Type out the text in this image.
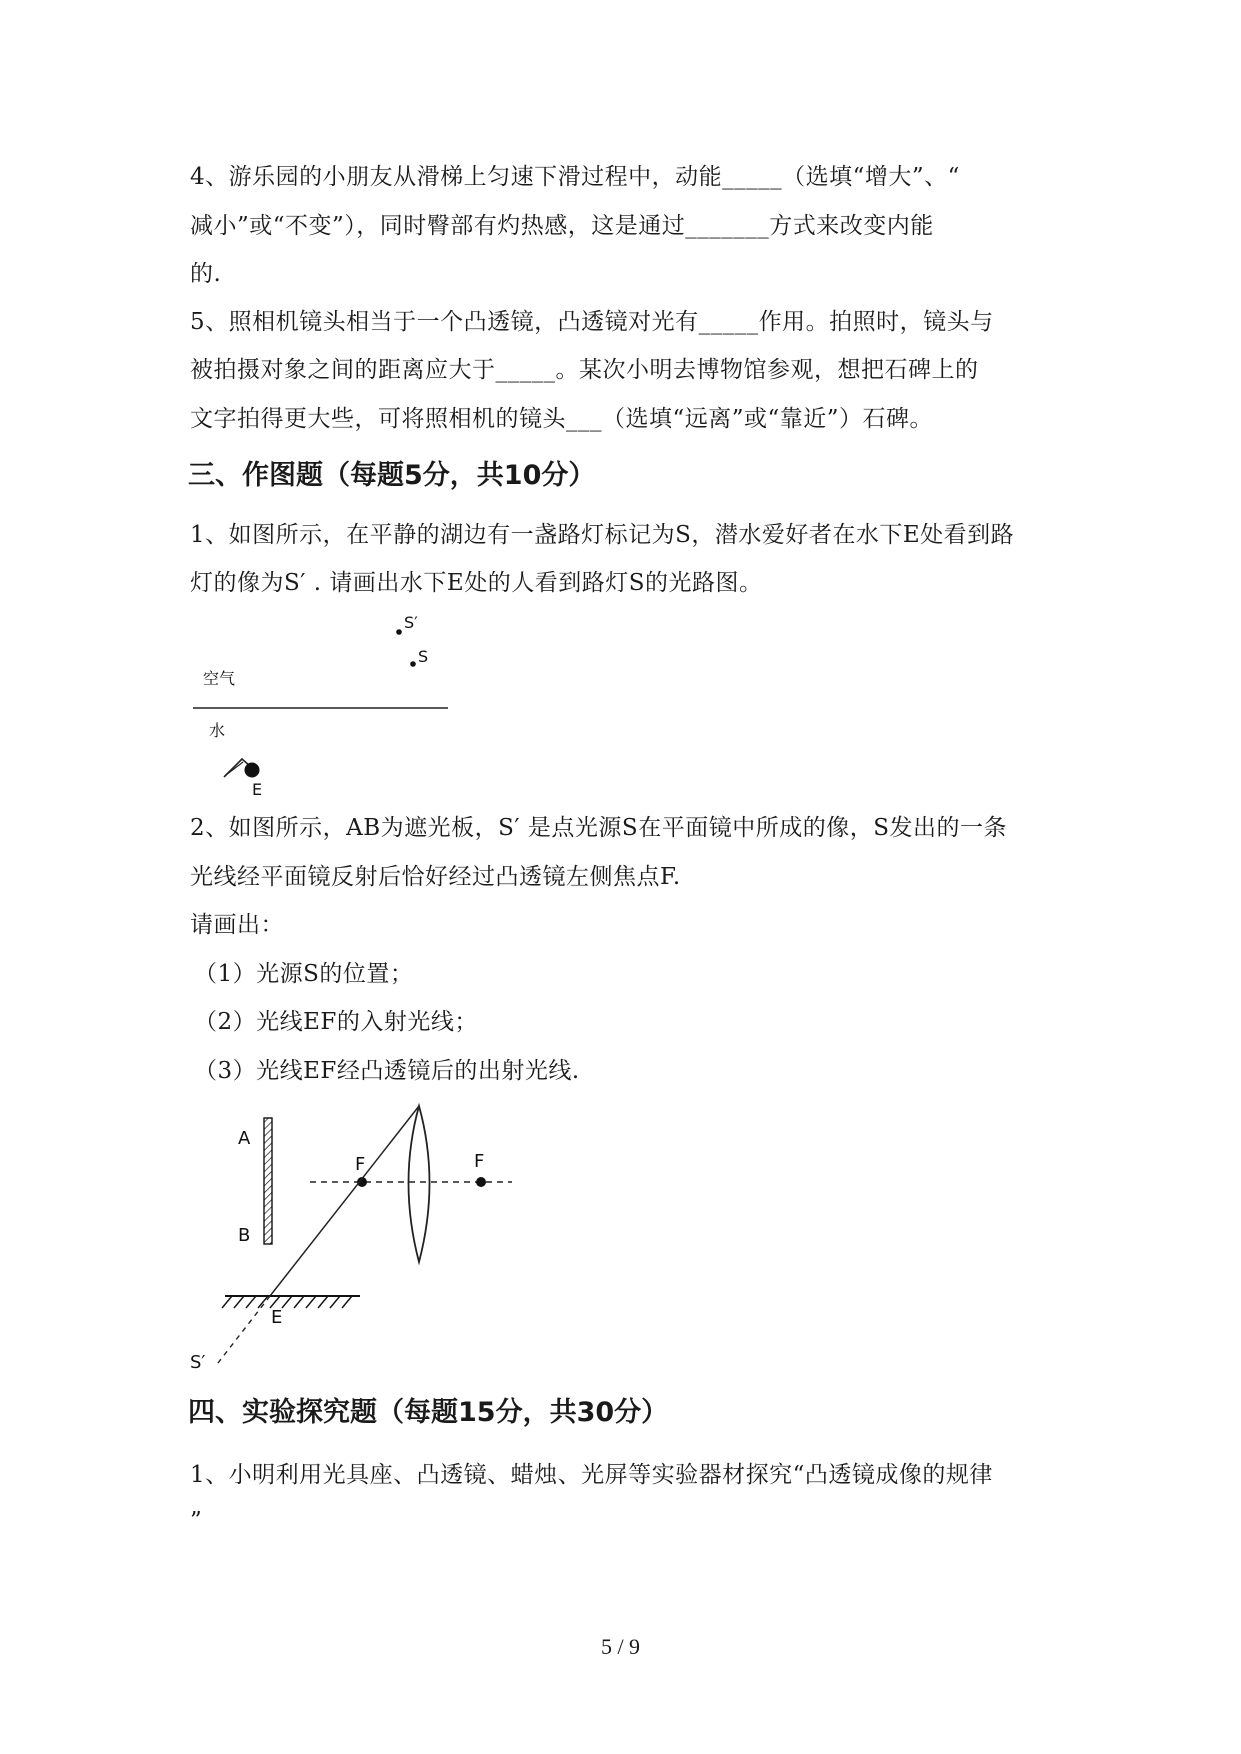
4、游乐园的小朋友从滑梯上匀速下滑过程中，动能_____（选填“增大”、“
减小”或“不变”），同时臀部有灼热感，这是通过_______方式来改变内能
的.
5、照相机镜头相当于一个凸透镜，凸透镜对光有_____作用。拍照时，镜头与
被拍摄对象之间的距离应大于_____。某次小明去博物馆参观，想把石碑上的
文字拍得更大些，可将照相机的镜头___（选填“远离”或“靠近”）石碑。
三、作图题（每题5分，共10分）
1、如图所示，在平静的湖边有一盏路灯标记为S，潜水爱好者在水下E处看到路
灯的像为S′ . 请画出水下E处的人看到路灯S的光路图。
S′
S
空气
水
E
2、如图所示，AB为遮光板，S′ 是点光源S在平面镜中所成的像，S发出的一条
光线经平面镜反射后恰好经过凸透镜左侧焦点F.
请画出：
（1）光源S的位置；
（2）光线EF的入射光线；
（3）光线EF经凸透镜后的出射光线.
A
B
F	F
E
S′
四、实验探究题（每题15分，共30分）
1、小明利用光具座、凸透镜、蜡烛、光屏等实验器材探究“凸透镜成像的规律
”
5 / 9
